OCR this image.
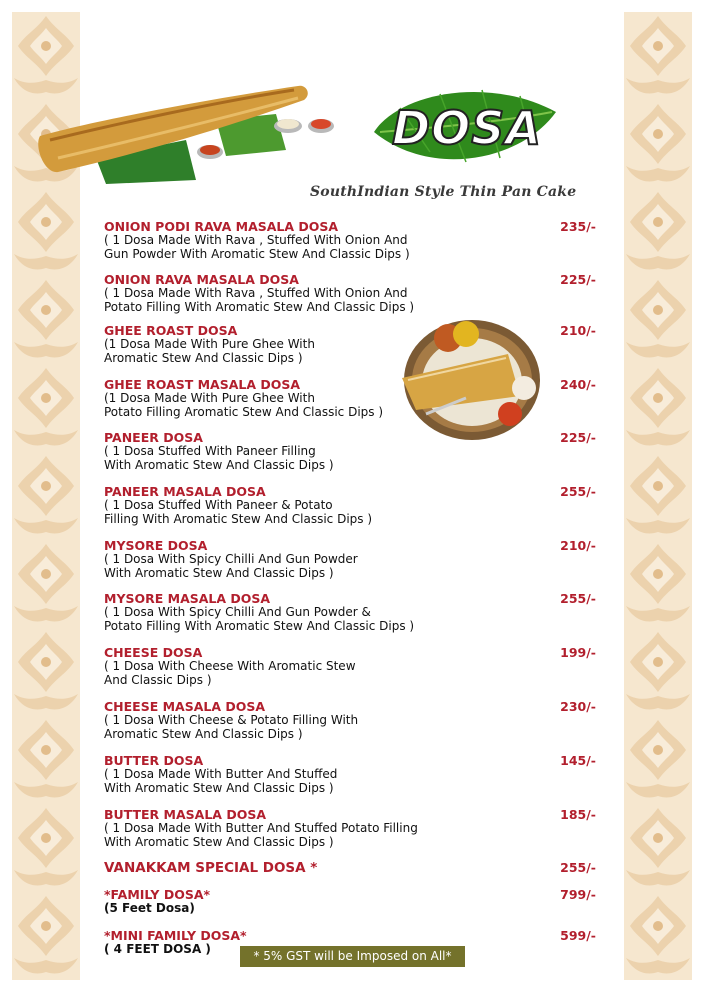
DOSA
SouthIndian Style Thin Pan Cake
ONION PODI RAVA MASALA DOSA
( 1 Dosa Made With Rava , Stuffed With Onion And
Gun Powder With Aromatic Stew And Classic Dips )
235/-
ONION RAVA MASALA DOSA
( 1 Dosa Made With Rava , Stuffed With Onion And
Potato Filling With Aromatic Stew And Classic Dips )
225/-
GHEE ROAST DOSA
(1 Dosa Made With Pure Ghee With
Aromatic Stew And Classic Dips )
210/-
GHEE ROAST MASALA DOSA
(1 Dosa Made With Pure Ghee With
Potato Filling Aromatic Stew And Classic Dips )
240/-
PANEER DOSA
( 1 Dosa Stuffed With Paneer Filling
With Aromatic Stew And Classic Dips )
225/-
PANEER MASALA DOSA
( 1 Dosa Stuffed With Paneer & Potato
Filling With Aromatic Stew And Classic Dips )
255/-
MYSORE DOSA
( 1 Dosa With Spicy Chilli And Gun Powder
With Aromatic Stew And Classic Dips )
210/-
MYSORE MASALA DOSA
( 1 Dosa With Spicy Chilli And Gun Powder &
Potato Filling With Aromatic Stew And Classic Dips )
255/-
CHEESE DOSA
( 1 Dosa With Cheese With Aromatic Stew
And Classic Dips )
199/-
CHEESE MASALA DOSA
( 1 Dosa With Cheese & Potato Filling With
Aromatic Stew And Classic Dips )
230/-
BUTTER DOSA
( 1 Dosa Made With Butter And Stuffed
With Aromatic Stew And Classic Dips )
145/-
BUTTER MASALA DOSA
( 1 Dosa Made With Butter And Stuffed Potato Filling
With Aromatic Stew And Classic Dips )
185/-
VANAKKAM SPECIAL DOSA *	255/-
*FAMILY DOSA*
(5 Feet Dosa)
799/-
*MINI FAMILY DOSA*
( 4 FEET DOSA )
599/-
* 5% GST will be Imposed on All*
